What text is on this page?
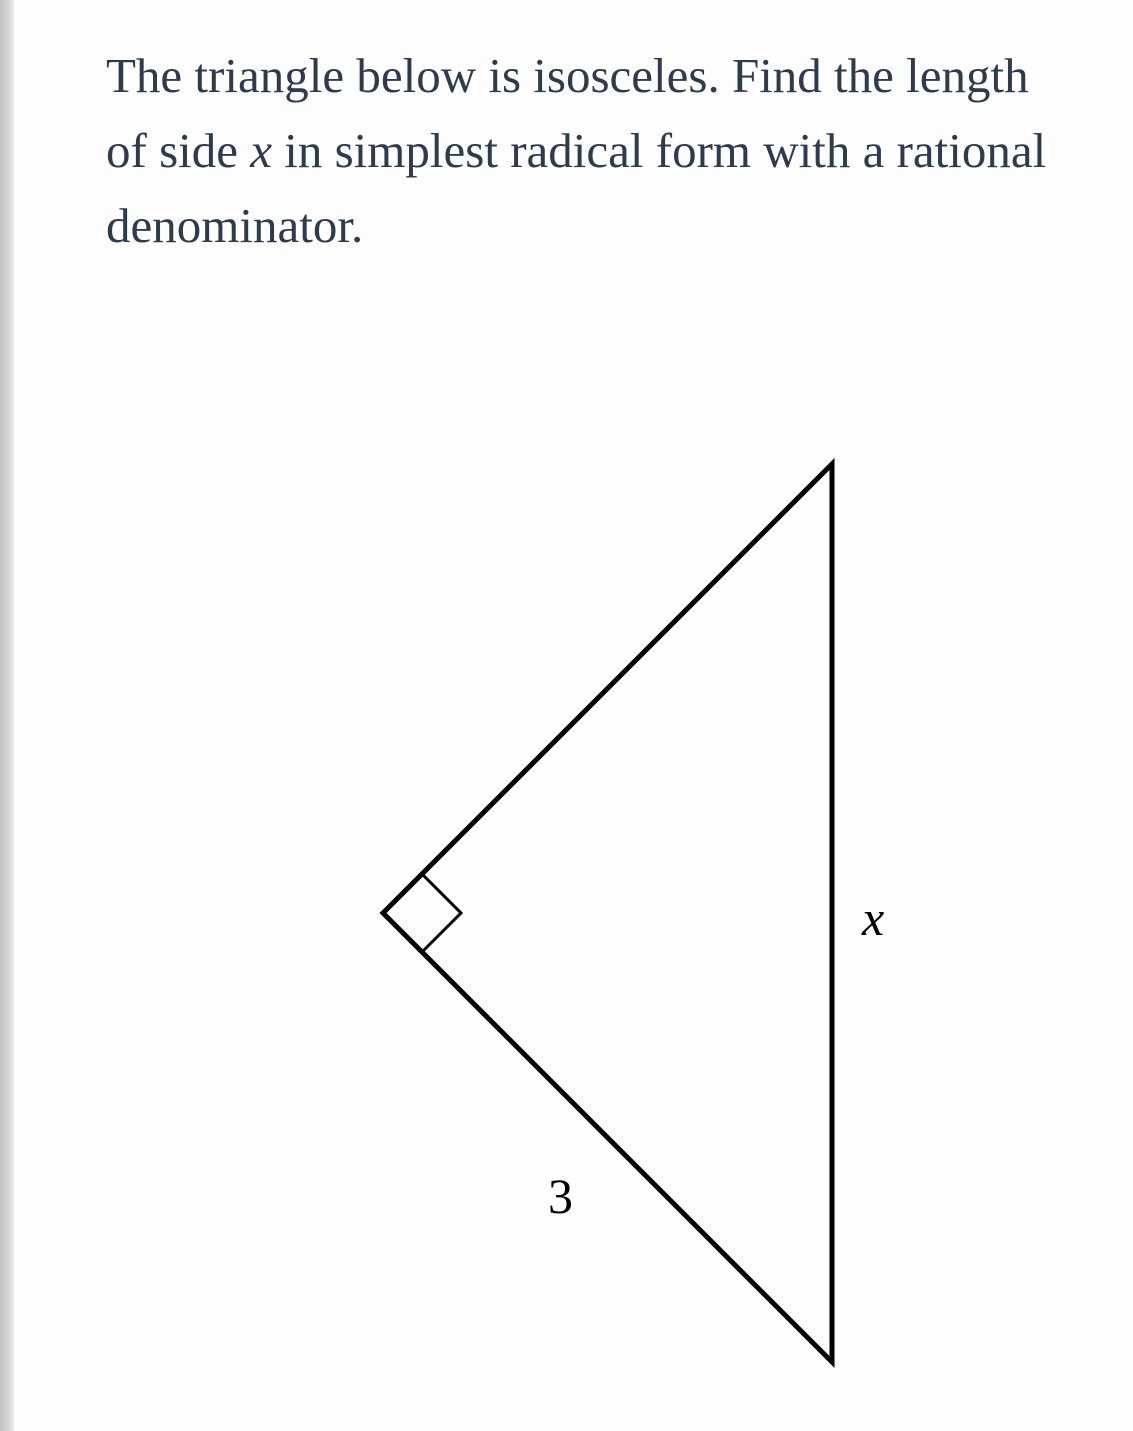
The triangle below is isosceles. Find the length of side x in simplest radical form with a rational denominator.
x
3
